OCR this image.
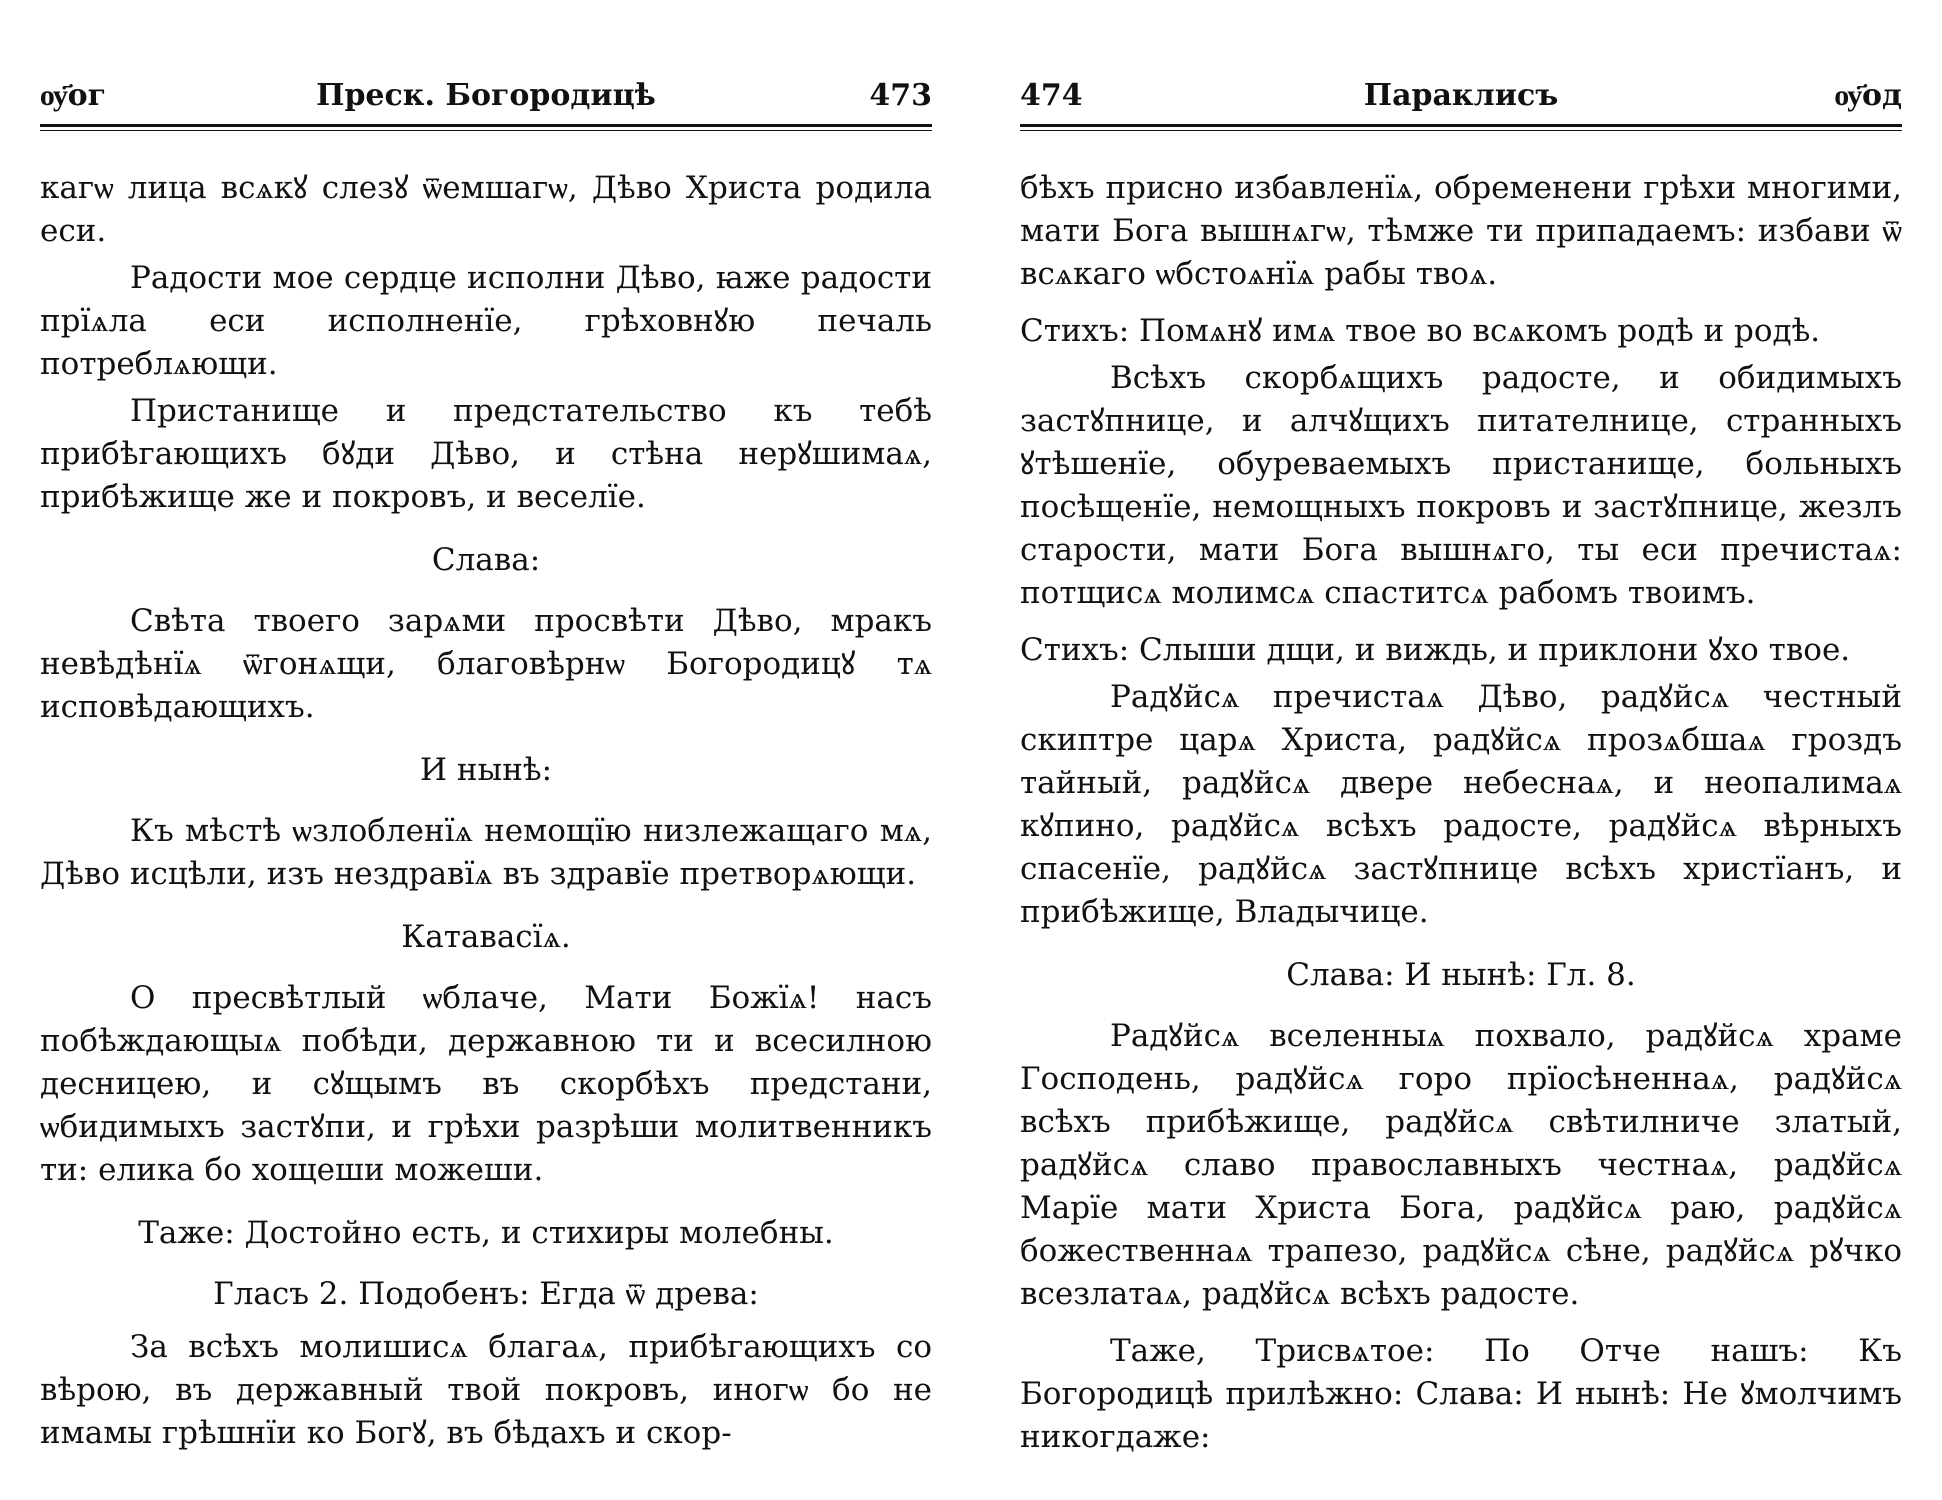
ѹ҃ог	Преск. Богородицѣ	473

кагѡ лица всѧкꙋ слезꙋ ѿемшагѡ, Дѣво Христа родила еси.

Радости мое сердце исполни Дѣво, ꙗже радости прїѧла еси исполненїе, грѣховнꙋю печаль потреблѧющи.

Пристанище и предстательство къ тебѣ прибѣгающихъ бꙋди Дѣво, и стѣна нерꙋшимаѧ, прибѣжище же и покровъ, и веселїе.

Слава:

Свѣта твоего зарѧми просвѣти Дѣво, мракъ невѣдѣнїѧ ѿгонѧщи, благовѣрнѡ Богородицꙋ тѧ исповѣдающихъ.

И нынѣ:

Къ мѣстѣ ѡзлобленїѧ немощїю низлежащаго мѧ, Дѣво исцѣли, изъ нездравїѧ въ здравїе претворѧющи.

Катавасїѧ.

О пресвѣтлый ѡблаче, Мати Божїѧ! насъ побѣждающыѧ побѣди, державною ти и всесилною десницею, и сꙋщымъ въ скорбѣхъ предстани, ѡбидимыхъ застꙋпи, и грѣхи разрѣши молитвенникъ ти: елика бо хощеши можеши.

Таже: Достойно есть, и стихиры молебны.

Гласъ 2. Подобенъ: Егда ѿ древа:

За всѣхъ молишисѧ благаѧ, прибѣгающихъ со вѣрою, въ державный твой покровъ, иногѡ бо не имамы грѣшнїи ко Богꙋ, въ бѣдахъ и скор-

474	Параклисъ	ѹ҃од

бѣхъ присно избавленїѧ, обременени грѣхи многими, мати Бога вышнѧгѡ, тѣмже ти припадаемъ: избави ѿ всѧкаго ѡбстоѧнїѧ рабы твоѧ.

Стихъ: Помѧнꙋ имѧ твое во всѧкомъ родѣ и родѣ.

Всѣхъ скорбѧщихъ радосте, и обидимыхъ застꙋпнице, и алчꙋщихъ питателнице, странныхъ ꙋтѣшенїе, обуреваемыхъ пристанище, больныхъ посѣщенїе, немощныхъ покровъ и застꙋпнице, жезлъ старости, мати Бога вышнѧго, ты еси пречистаѧ: потщисѧ молимсѧ спаститсѧ рабомъ твоимъ.

Стихъ: Слыши дщи, и виждь, и приклони ꙋхо твое.

Радꙋйсѧ пречистаѧ Дѣво, радꙋйсѧ честный скиптре царѧ Христа, радꙋйсѧ прозѧбшаѧ гроздъ тайный, радꙋйсѧ двере небеснаѧ, и неопалимаѧ кꙋпино, радꙋйсѧ всѣхъ радосте, радꙋйсѧ вѣрныхъ спасенїе, радꙋйсѧ застꙋпнице всѣхъ христїанъ, и прибѣжище, Владычице.

Слава: И нынѣ: Гл. 8.

Радꙋйсѧ вселенныѧ похвало, радꙋйсѧ храме Господень, радꙋйсѧ горо прїосѣненнаѧ, радꙋйсѧ всѣхъ прибѣжище, радꙋйсѧ свѣтилниче златый, радꙋйсѧ славо православныхъ честнаѧ, радꙋйсѧ Марїе мати Христа Бога, радꙋйсѧ раю, радꙋйсѧ божественнаѧ трапезо, радꙋйсѧ сѣне, радꙋйсѧ рꙋчко всезлатаѧ, радꙋйсѧ всѣхъ радосте.

Таже, Трисвѧтое: По Отче нашъ: Къ Богородицѣ прилѣжно: Слава: И нынѣ: Не ꙋмолчимъ никогдаже:
